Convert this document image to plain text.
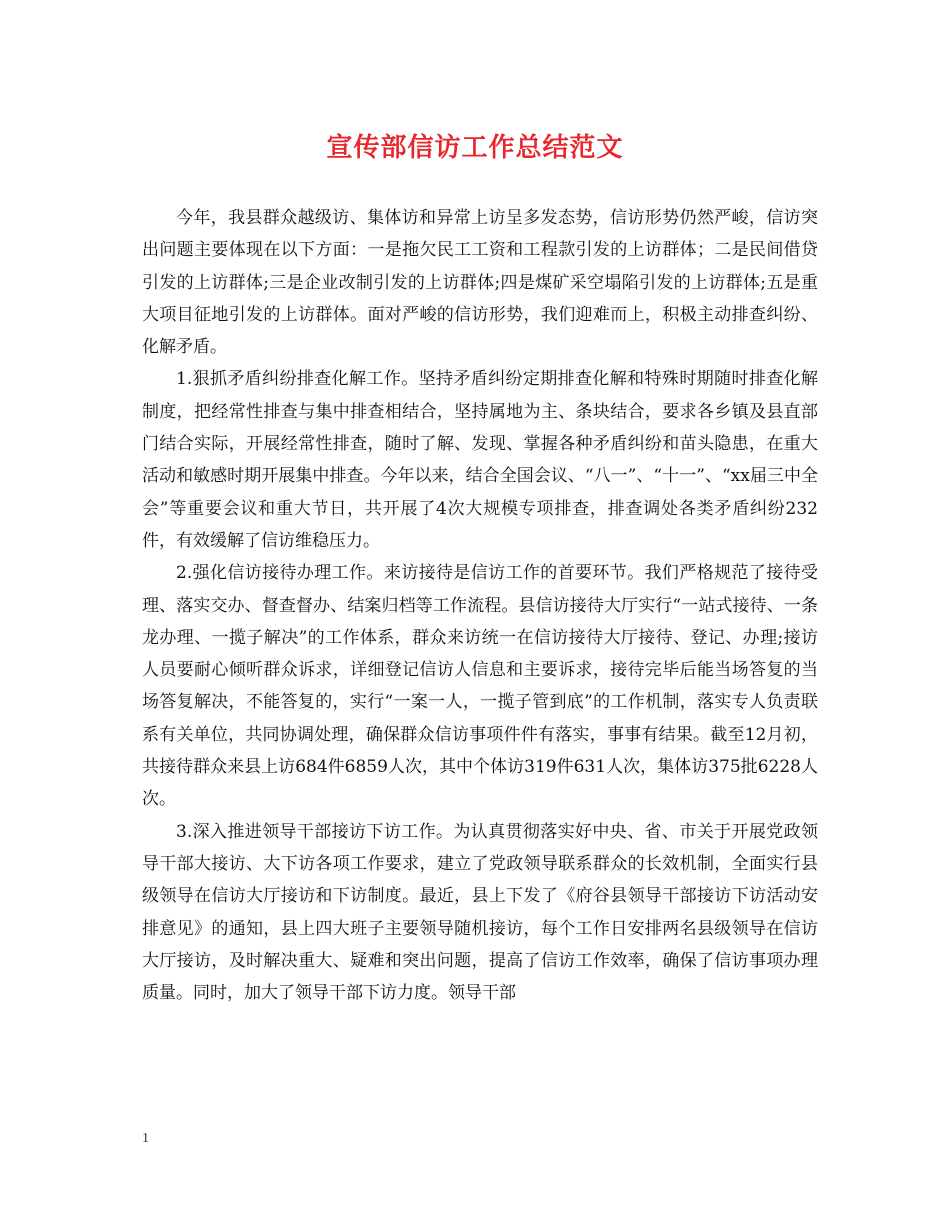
宣传部信访工作总结范文

今年，我县群众越级访、集体访和异常上访呈多发态势，信访形势仍然严峻，信访突出问题主要体现在以下方面：一是拖欠民工工资和工程款引发的上访群体；二是民间借贷引发的上访群体;三是企业改制引发的上访群体;四是煤矿采空塌陷引发的上访群体;五是重大项目征地引发的上访群体。面对严峻的信访形势，我们迎难而上，积极主动排查纠纷、化解矛盾。

1.狠抓矛盾纠纷排查化解工作。坚持矛盾纠纷定期排查化解和特殊时期随时排查化解制度，把经常性排查与集中排查相结合，坚持属地为主、条块结合，要求各乡镇及县直部门结合实际，开展经常性排查，随时了解、发现、掌握各种矛盾纠纷和苗头隐患，在重大活动和敏感时期开展集中排查。今年以来，结合全国会议、“八一”、“十一”、“xx届三中全会”等重要会议和重大节日，共开展了4次大规模专项排查，排查调处各类矛盾纠纷232件，有效缓解了信访维稳压力。

2.强化信访接待办理工作。来访接待是信访工作的首要环节。我们严格规范了接待受理、落实交办、督查督办、结案归档等工作流程。县信访接待大厅实行“一站式接待、一条龙办理、一揽子解决”的工作体系，群众来访统一在信访接待大厅接待、登记、办理;接访人员要耐心倾听群众诉求，详细登记信访人信息和主要诉求，接待完毕后能当场答复的当场答复解决，不能答复的，实行“一案一人，一揽子管到底”的工作机制，落实专人负责联系有关单位，共同协调处理，确保群众信访事项件件有落实，事事有结果。截至12月初，共接待群众来县上访684件6859人次，其中个体访319件631人次，集体访375批6228人次。

3.深入推进领导干部接访下访工作。为认真贯彻落实好中央、省、市关于开展党政领导干部大接访、大下访各项工作要求，建立了党政领导联系群众的长效机制，全面实行县级领导在信访大厅接访和下访制度。最近，县上下发了《府谷县领导干部接访下访活动安排意见》的通知，县上四大班子主要领导随机接访，每个工作日安排两名县级领导在信访大厅接访，及时解决重大、疑难和突出问题，提高了信访工作效率，确保了信访事项办理质量。同时，加大了领导干部下访力度。领导干部

1
